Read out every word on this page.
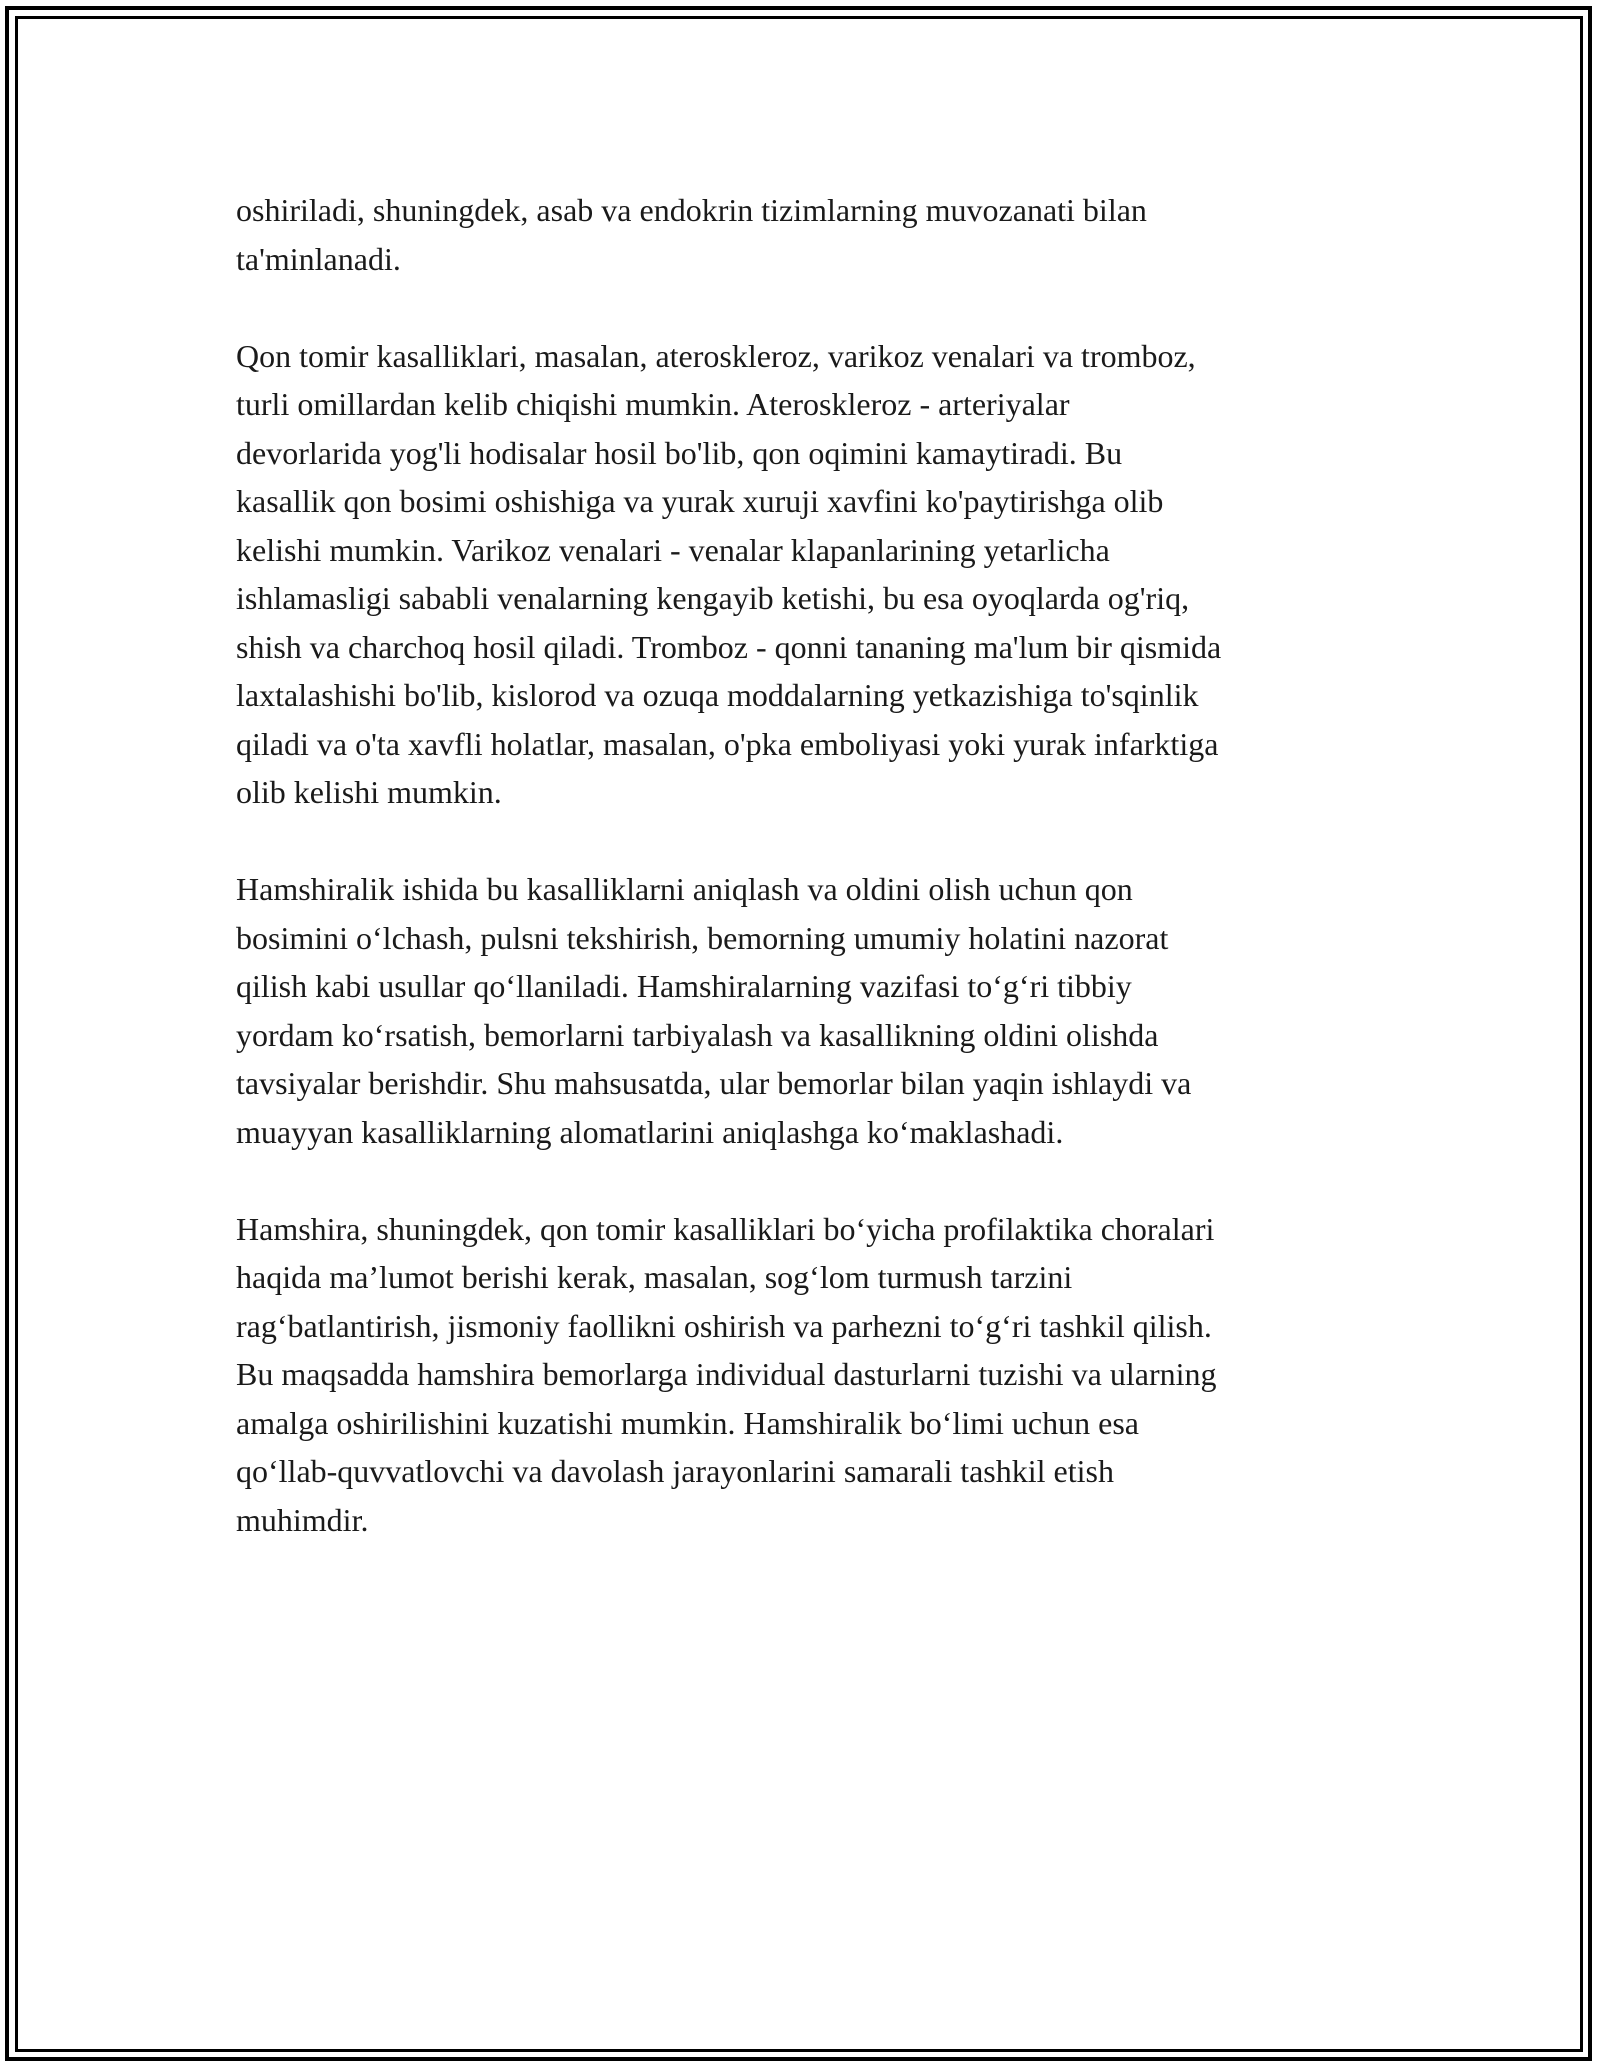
oshiriladi, shuningdek, asab va endokrin tizimlarning muvozanati bilan
ta'minlanadi.

Qon tomir kasalliklari, masalan, ateroskleroz, varikoz venalari va tromboz,
turli omillardan kelib chiqishi mumkin. Ateroskleroz - arteriyalar
devorlarida yog'li hodisalar hosil bo'lib, qon oqimini kamaytiradi. Bu
kasallik qon bosimi oshishiga va yurak xuruji xavfini ko'paytirishga olib
kelishi mumkin. Varikoz venalari - venalar klapanlarining yetarlicha
ishlamasligi sababli venalarning kengayib ketishi, bu esa oyoqlarda og'riq,
shish va charchoq hosil qiladi. Tromboz - qonni tananing ma'lum bir qismida
laxtalashishi bo'lib, kislorod va ozuqa moddalarning yetkazishiga to'sqinlik
qiladi va o'ta xavfli holatlar, masalan, o'pka emboliyasi yoki yurak infarktiga
olib kelishi mumkin.

Hamshiralik ishida bu kasalliklarni aniqlash va oldini olish uchun qon
bosimini o‘lchash, pulsni tekshirish, bemorning umumiy holatini nazorat
qilish kabi usullar qo‘llaniladi. Hamshiralarning vazifasi to‘g‘ri tibbiy
yordam ko‘rsatish, bemorlarni tarbiyalash va kasallikning oldini olishda
tavsiyalar berishdir. Shu mahsusatda, ular bemorlar bilan yaqin ishlaydi va
muayyan kasalliklarning alomatlarini aniqlashga ko‘maklashadi.

Hamshira, shuningdek, qon tomir kasalliklari bo‘yicha profilaktika choralari
haqida ma’lumot berishi kerak, masalan, sog‘lom turmush tarzini
rag‘batlantirish, jismoniy faollikni oshirish va parhezni to‘g‘ri tashkil qilish.
Bu maqsadda hamshira bemorlarga individual dasturlarni tuzishi va ularning
amalga oshirilishini kuzatishi mumkin. Hamshiralik bo‘limi uchun esa
qo‘llab-quvvatlovchi va davolash jarayonlarini samarali tashkil etish
muhimdir.
